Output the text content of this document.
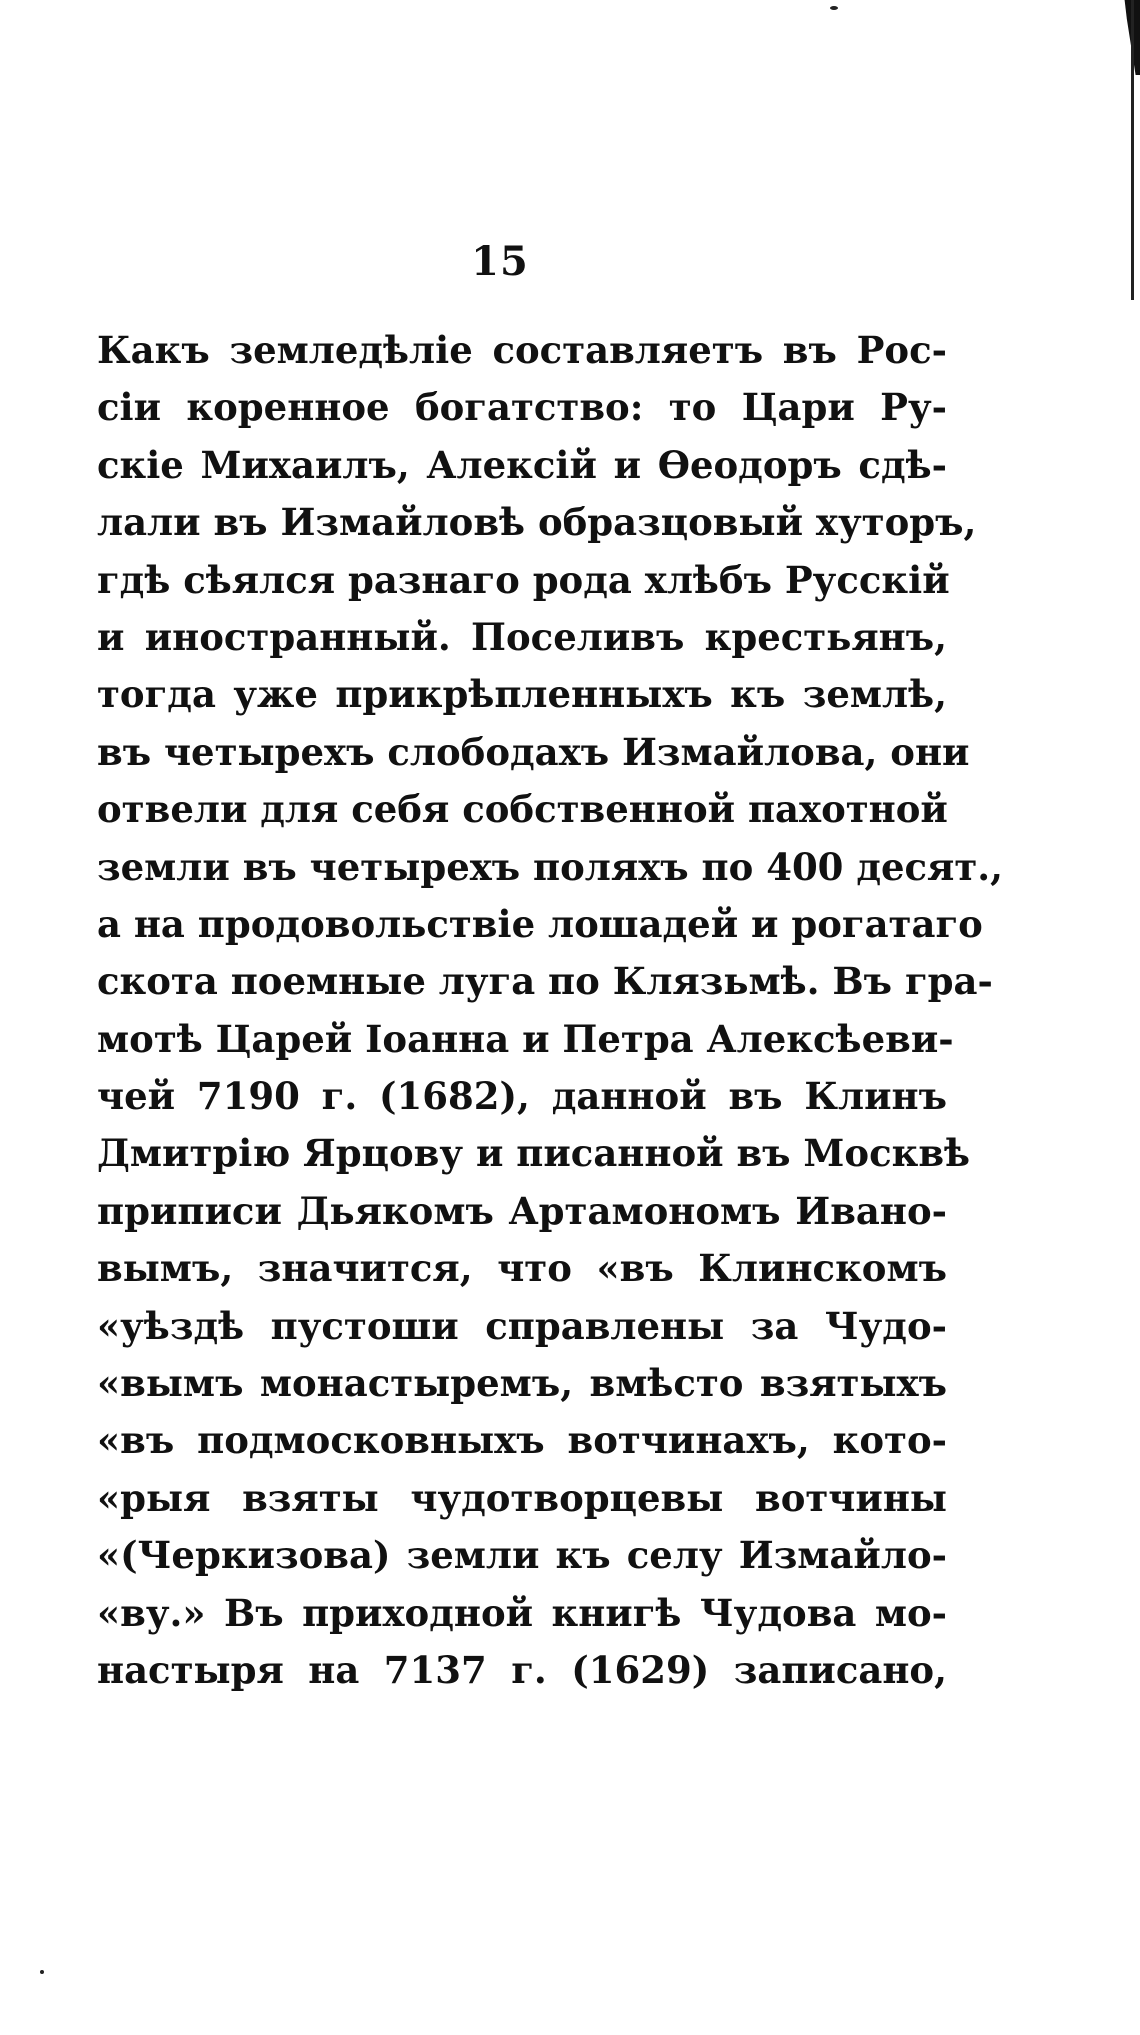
15
Какъ земледѣліе составляетъ въ Рос-
сіи коренное богатство: то Цари Ру-
скіе Михаилъ, Алексій и Ѳеодоръ сдѣ-
лали въ Измайловѣ образцовый хуторъ,
гдѣ сѣялся разнаго рода хлѣбъ Русскій
и иностранный. Поселивъ крестьянъ,
тогда уже прикрѣпленныхъ къ землѣ,
въ четырехъ слободахъ Измайлова, они
отвели для себя собственной пахотной
земли въ четырехъ поляхъ по 400 десят.,
а на продовольствіе лошадей и рогатаго
скота поемные луга по Клязьмѣ. Въ гра-
мотѣ Царей Іоанна и Петра Алексѣеви-
чей 7190 г. (1682), данной въ Клинъ
Дмитрію Ярцову и писанной въ Москвѣ
приписи Дьякомъ Артамономъ Ивано-
вымъ, значится, что «въ Клинскомъ
«уѣздѣ пустоши справлены за Чудо-
«вымъ монастыремъ, вмѣсто взятыхъ
«въ подмосковныхъ вотчинахъ, кото-
«рыя взяты чудотворцевы вотчины
«(Черкизова) земли къ селу Измайло-
«ву.» Въ приходной книгѣ Чудова мо-
настыря на 7137 г. (1629) записано,
